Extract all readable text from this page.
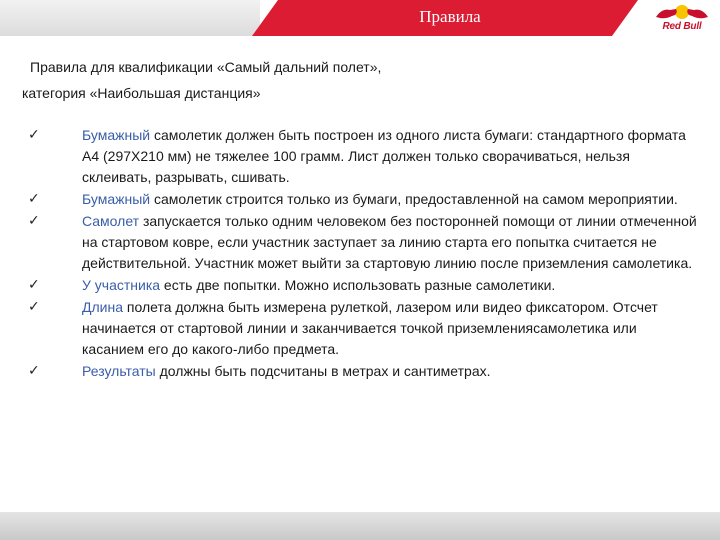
Правила
Red Bull
Правила для квалификации «Самый дальний полет»,
категория «Наибольшая дистанция»
✓	Бумажный самолетик должен быть построен из одного листа бумаги: стандартного формата А4 (297Х210 мм) не тяжелее 100 грамм. Лист должен только сворачиваться, нельзя склеивать, разрывать, сшивать.
✓	Бумажный самолетик строится только из бумаги, предоставленной на самом мероприятии.
✓	Самолет запускается только одним человеком без посторонней помощи от линии отмеченной на стартовом ковре, если участник заступает за линию старта его попытка считается не действительной. Участник может выйти за стартовую линию после приземления самолетика.
✓	У участника есть две попытки. Можно использовать разные самолетики.
✓	Длина полета должна быть измерена рулеткой, лазером или видео фиксатором. Отсчет начинается от стартовой линии и заканчивается точкой приземлениясамолетика или касанием его до какого-либо предмета.
✓	Результаты должны быть подсчитаны в метрах и сантиметрах.
